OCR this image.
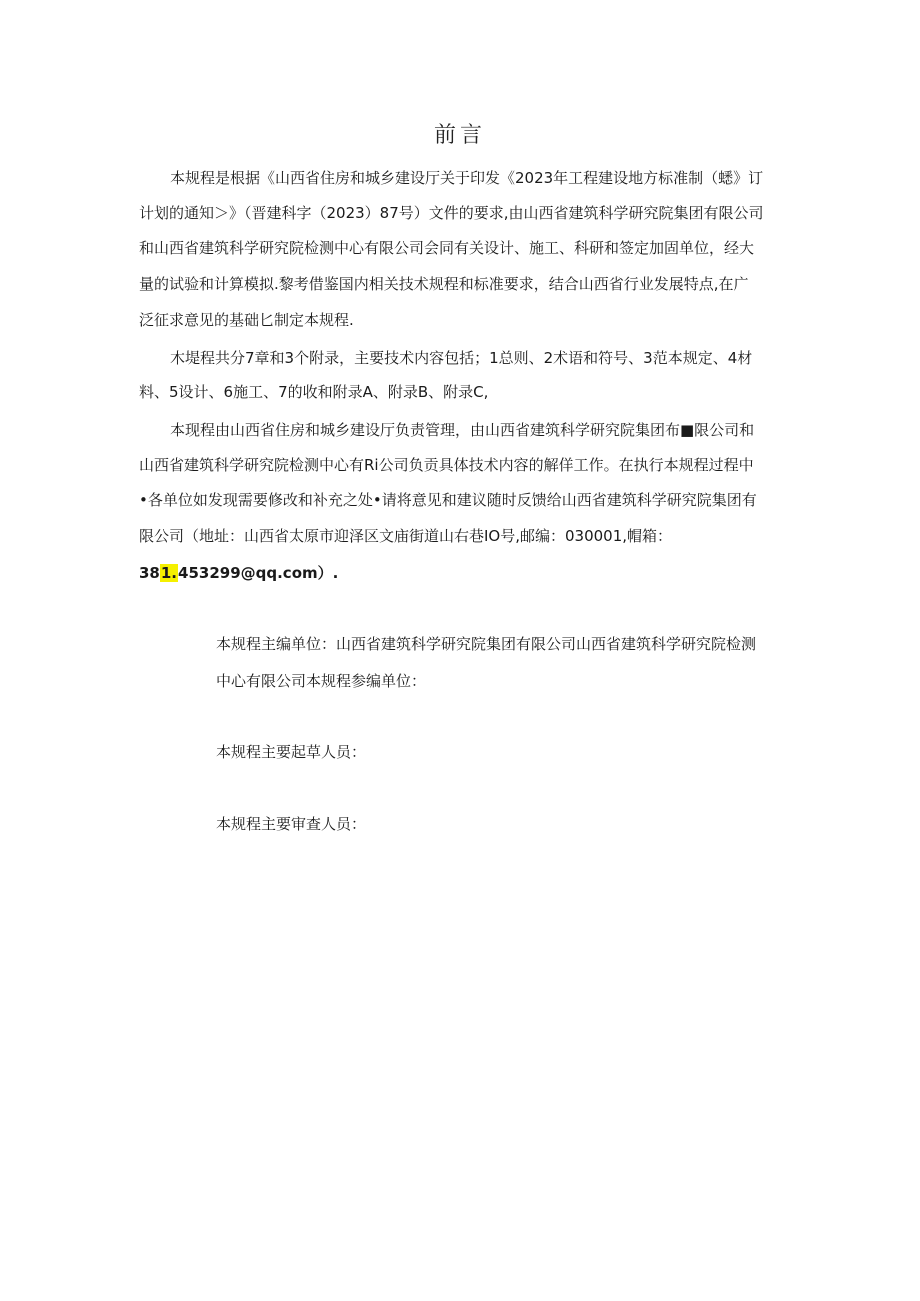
前言
本规程是根据《山西省住房和城乡建设厅关于印发《2023年工程建设地方标准制（蟋》订
计划的通知＞》（晋建科字（2023）87号）文件的要求,由山西省建筑科学研究院集团有限公司
和山西省建筑科学研究院检测中心有限公司会同有关设计、施工、科研和签定加固单位，经大
量的试验和计算模拟.黎考借鉴国内相关技术规程和标准要求，结合山西省行业发展特点,在广
泛征求意见的基础匕制定本规程.
木堤程共分7章和3个附录，主要技术内容包括；1总则、2术语和符号、3范本规定、4材
料、5设计、6施工、7的收和附录A、附录B、附录C,
本现程由山西省住房和城乡建设厅负责管理，由山西省建筑科学研究院集团布■限公司和
山西省建筑科学研究院检测中心有Ri公司负贡具体技术内容的解佯工作。在执行本规程过程中
•各单位如发现需要修改和补充之处•请将意见和建议随时反馈给山西省建筑科学研究院集团有
限公司（地址：山西省太原市迎泽区文庙街道山右巷IO号,邮编：030001,帽箱：
381.453299@qq.com）.
本规程主编单位：山西省建筑科学研究院集团有限公司山西省建筑科学研究院检测
中心有限公司本规程参编单位：
本规程主要起草人员：
本规程主要审查人员：
